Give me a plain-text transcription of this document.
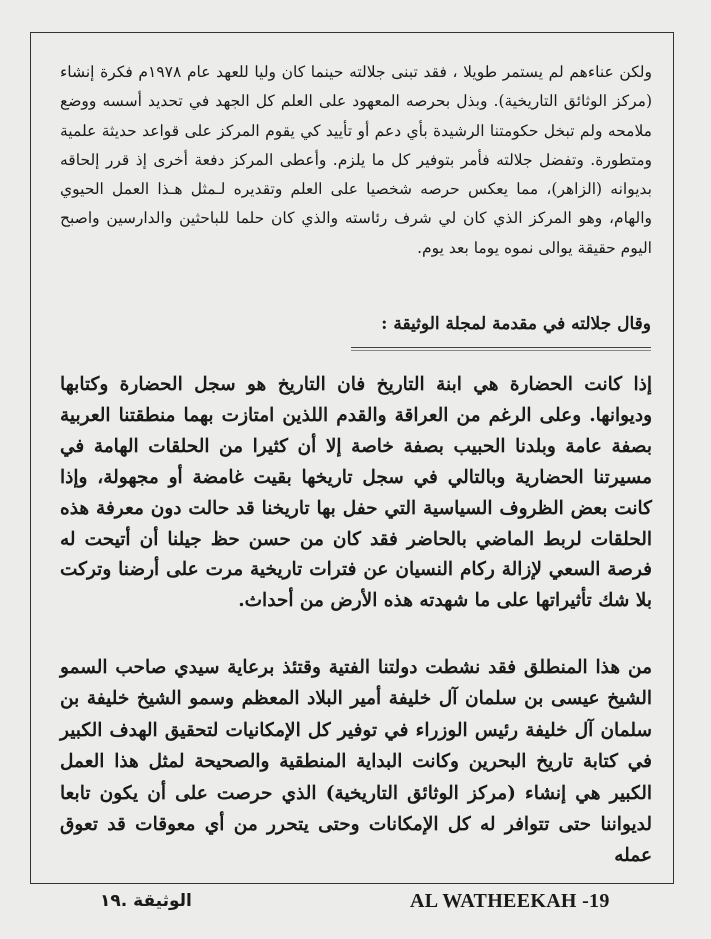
ولكن عناءهم لم يستمر طويلا ، فقد تبنى جلالته حينما كان وليا للعهد عام ١٩٧٨م فكرة إنشاء (مركز الوثائق التاريخية). وبذل بحرصه المعهود على العلم كل الجهد في تحديد أسسه ووضع ملامحه ولم تبخل حكومتنا الرشيدة بأي دعم أو تأييد كي يقوم المركز على قواعد حديثة علمية ومتطورة. وتفضل جلالته فأمر بتوفير كل ما يلزم. وأعطى المركز دفعة أخرى إذ قرر إلحاقه بديوانه (الزاهر)، مما يعكس حرصه شخصيا على العلم وتقديره لـمثل هـذا العمل الحيوي والهام، وهو المركز الذي كان لي شرف رئاسته والذي كان حلما للباحثين والدارسين واصبح اليوم حقيقة يوالى نموه يوما بعد يوم.

وقال جلالته في مقدمة لمجلة الوثيقة :

إذا كانت الحضارة هي ابنة التاريخ فان التاريخ هو سجل الحضارة وكتابها وديوانها. وعلى الرغم من العراقة والقدم اللذين امتازت بهما منطقتنا العربية بصفة عامة وبلدنا الحبيب بصفة خاصة إلا أن كثيرا من الحلقات الهامة في مسيرتنا الحضارية وبالتالي في سجل تاريخها بقيت غامضة أو مجهولة، وإذا كانت بعض الظروف السياسية التي حفل بها تاريخنا قد حالت دون معرفة هذه الحلقات لربط الماضي بالحاضر فقد كان من حسن حظ جيلنا أن أتيحت له فرصة السعي لإزالة ركام النسيان عن فترات تاريخية مرت على أرضنا وتركت بلا شك تأثيراتها على ما شهدته هذه الأرض من أحداث.

من هذا المنطلق فقد نشطت دولتنا الفتية وقتئذ برعاية سيدي صاحب السمو الشيخ عيسى بن سلمان آل خليفة أمير البلاد المعظم وسمو الشيخ خليفة بن سلمان آل خليفة رئيس الوزراء في توفير كل الإمكانيات لتحقيق الهدف الكبير في كتابة تاريخ البحرين وكانت البداية المنطقية والصحيحة لمثل هذا العمل الكبير هي إنشاء (مركز الوثائق التاريخية) الذي حرصت على أن يكون تابعا لديواننا حتى تتوافر له كل الإمكانات وحتى يتحرر من أي معوقات قد تعوق عمله

AL WATHEEKAH -19
الوثيقة .١٩
